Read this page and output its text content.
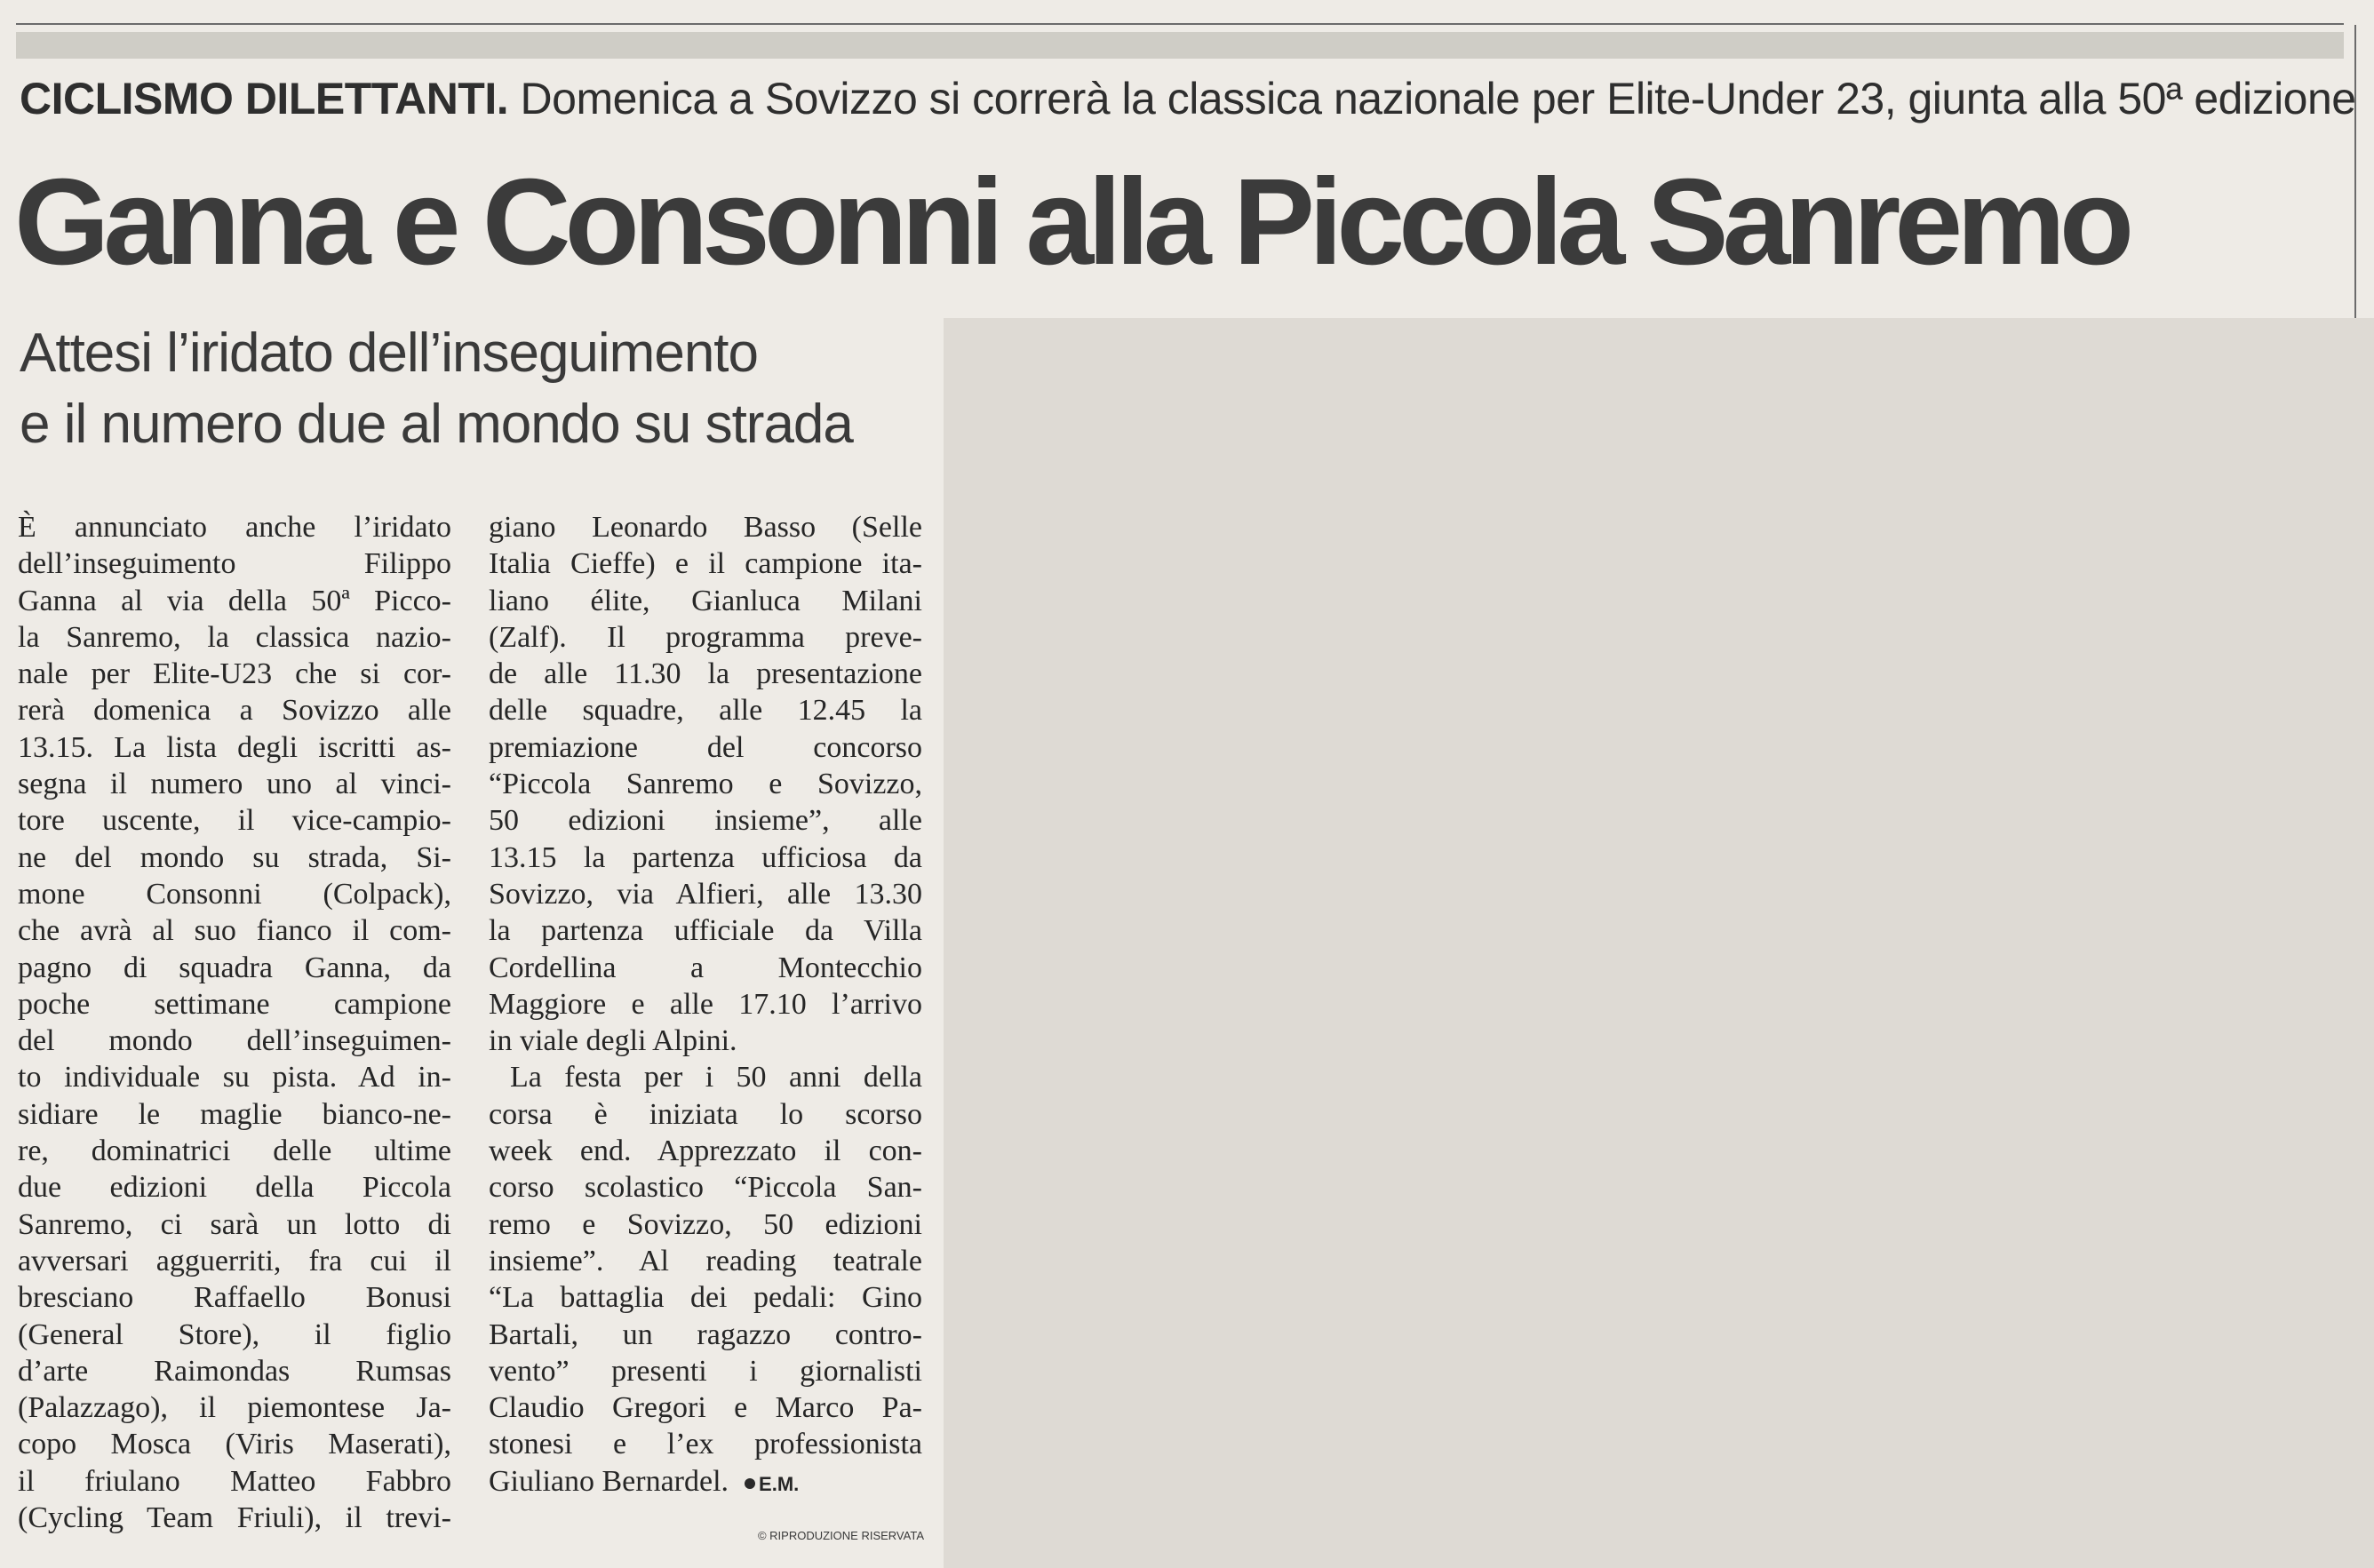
CICLISMO DILETTANTI. Domenica a Sovizzo si correrà la classica nazionale per Elite-Under 23, giunta alla 50ª edizione
Ganna e Consonni alla Piccola Sanremo
Attesi l’iridato dell’inseguimento
e il numero due al mondo su strada
È annunciato anche l’iridato
dell’inseguimento Filippo
Ganna al via della 50ª Picco-
la Sanremo, la classica nazio-
nale per Elite-U23 che si cor-
rerà domenica a Sovizzo alle
13.15. La lista degli iscritti as-
segna il numero uno al vinci-
tore uscente, il vice-campio-
ne del mondo su strada, Si-
mone Consonni (Colpack),
che avrà al suo fianco il com-
pagno di squadra Ganna, da
poche settimane campione
del mondo dell’inseguimen-
to individuale su pista. Ad in-
sidiare le maglie bianco-ne-
re, dominatrici delle ultime
due edizioni della Piccola
Sanremo, ci sarà un lotto di
avversari agguerriti, fra cui il
bresciano Raffaello Bonusi
(General Store), il figlio
d’arte Raimondas Rumsas
(Palazzago), il piemontese Ja-
copo Mosca (Viris Maserati),
il friulano Matteo Fabbro
(Cycling Team Friuli), il trevi-
giano Leonardo Basso (Selle
Italia Cieffe) e il campione ita-
liano élite, Gianluca Milani
(Zalf). Il programma preve-
de alle 11.30 la presentazione
delle squadre, alle 12.45 la
premiazione del concorso
“Piccola Sanremo e Sovizzo,
50 edizioni insieme”, alle
13.15 la partenza ufficiosa da
Sovizzo, via Alfieri, alle 13.30
la partenza ufficiale da Villa
Cordellina a Montecchio
Maggiore e alle 17.10 l’arrivo
in viale degli Alpini.
La festa per i 50 anni della
corsa è iniziata lo scorso
week end. Apprezzato il con-
corso scolastico “Piccola San-
remo e Sovizzo, 50 edizioni
insieme”. Al reading teatrale
“La battaglia dei pedali: Gino
Bartali, un ragazzo contro-
vento” presenti i giornalisti
Claudio Gregori e Marco Pa-
stonesi e l’ex professionista
Giuliano Bernardel. E.M.
© RIPRODUZIONE RISERVATA
